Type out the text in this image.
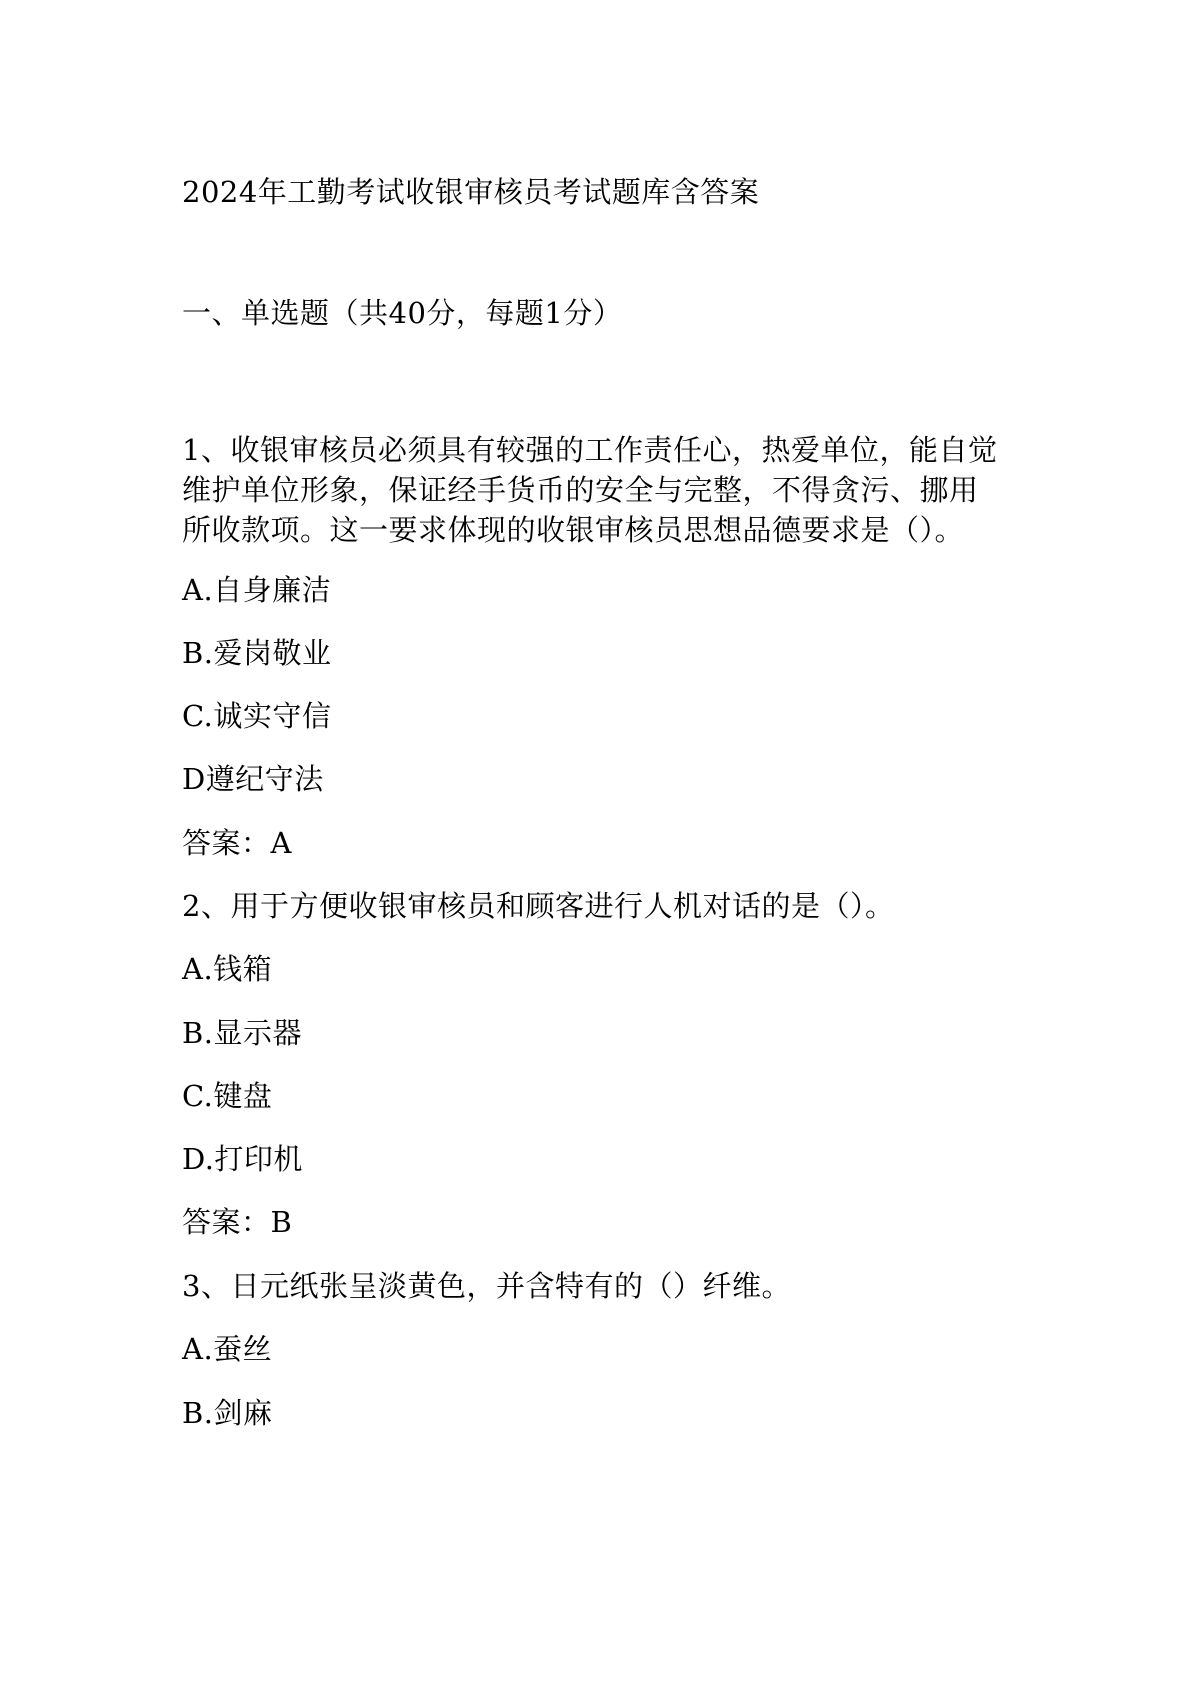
2024年工勤考试收银审核员考试题库含答案
一、单选题（共40分，每题1分）
1、收银审核员必须具有较强的工作责任心，热爱单位，能自觉
维护单位形象，保证经手货币的安全与完整，不得贪污、挪用
所收款项。这一要求体现的收银审核员思想品德要求是（）。
A.自身廉洁
B.爱岗敬业
C.诚实守信
D遵纪守法
答案：A
2、用于方便收银审核员和顾客进行人机对话的是（）。
A.钱箱
B.显示器
C.键盘
D.打印机
答案：B
3、日元纸张呈淡黄色，并含特有的（）纤维。
A.蚕丝
B.剑麻
